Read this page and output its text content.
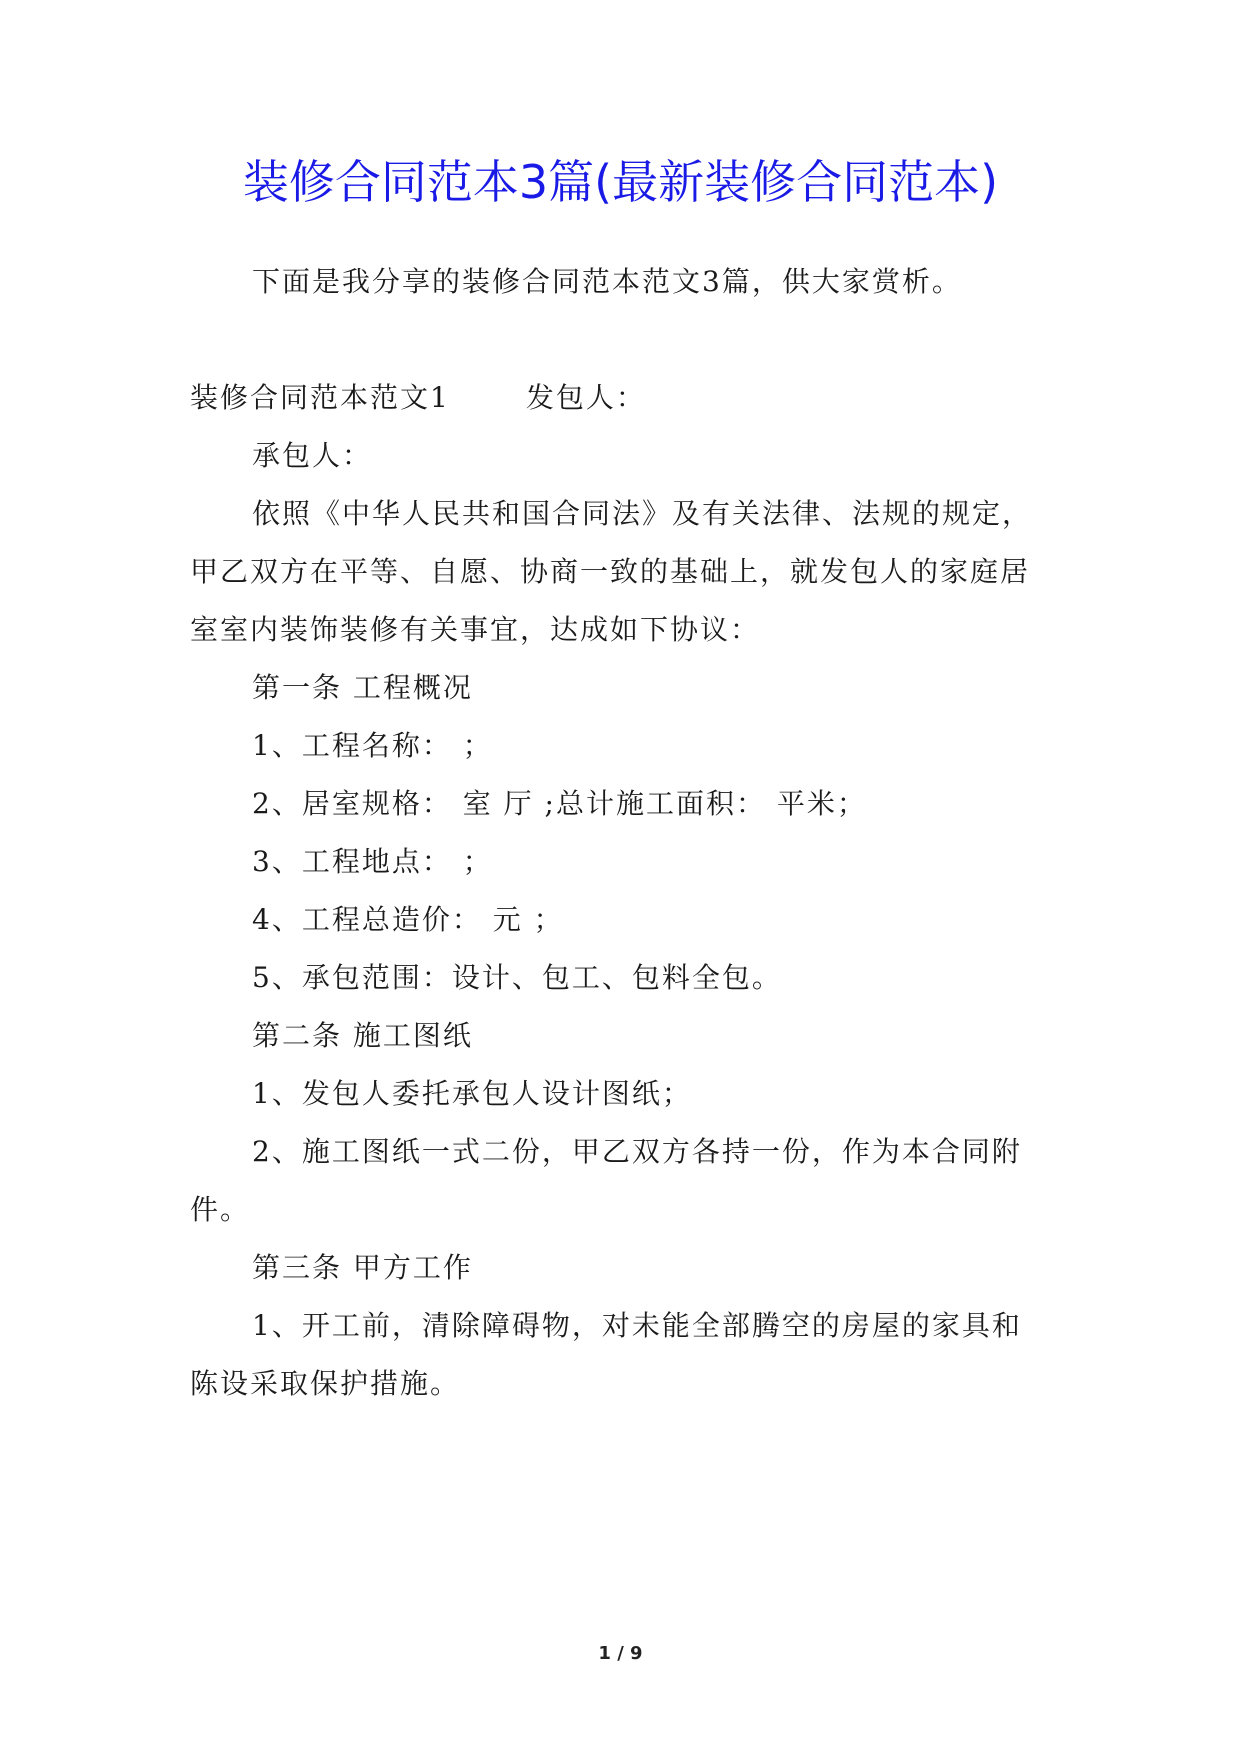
装修合同范本3篇(最新装修合同范本)
下面是我分享的装修合同范本范文3篇，供大家赏析。
装修合同范本范文1	发包人：
承包人：
依照《中华人民共和国合同法》及有关法律、法规的规定，
甲乙双方在平等、自愿、协商一致的基础上，就发包人的家庭居
室室内装饰装修有关事宜，达成如下协议：
第一条 工程概况
1、工程名称： ；
2、居室规格： 室 厅 ;总计施工面积： 平米；
3、工程地点： ；
4、工程总造价： 元 ；
5、承包范围：设计、包工、包料全包。
第二条 施工图纸
1、发包人委托承包人设计图纸；
2、施工图纸一式二份，甲乙双方各持一份，作为本合同附
件。
第三条 甲方工作
1、开工前，清除障碍物，对未能全部腾空的房屋的家具和
陈设采取保护措施。
1 / 9
